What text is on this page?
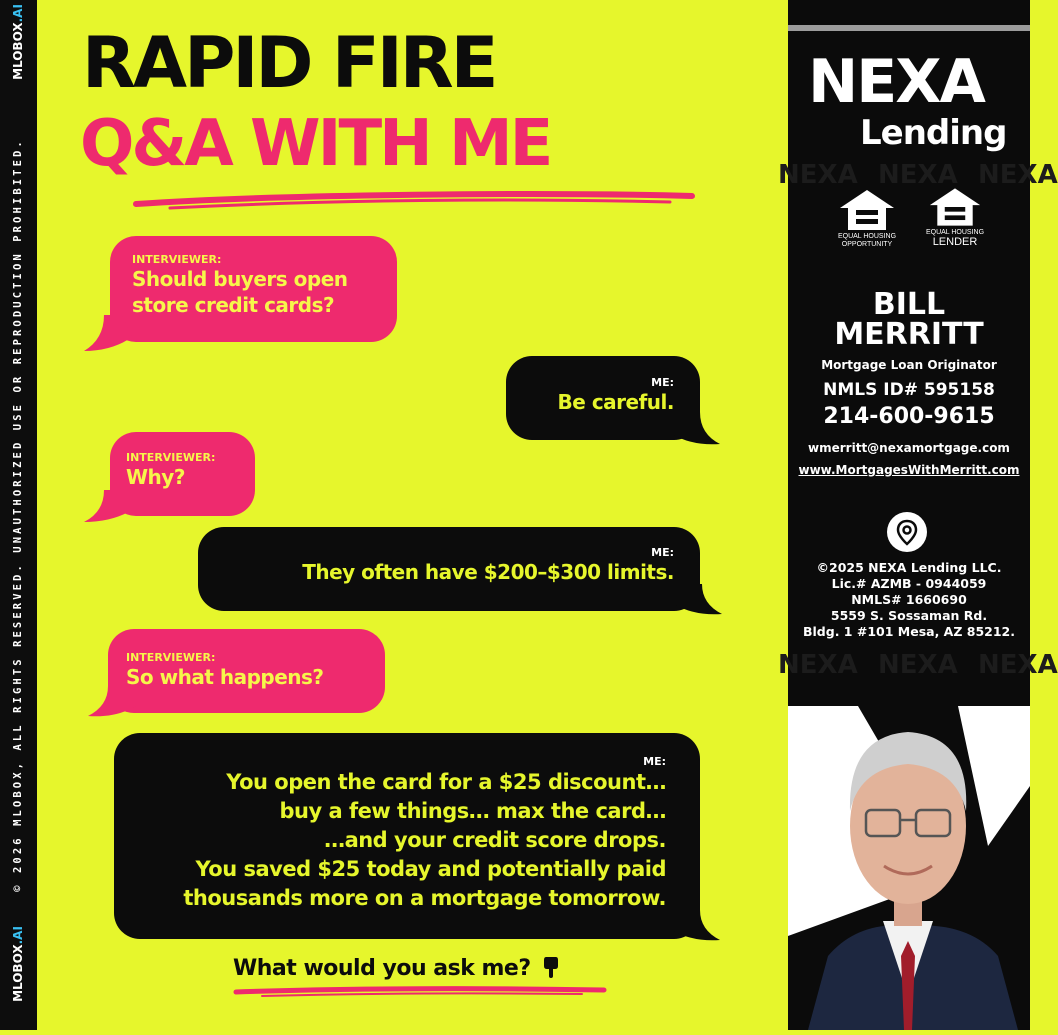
MLOBOX.AI
© 2026 MLOBOX, ALL RIGHTS RESERVED. UNAUTHORIZED USE OR REPRODUCTION PROHIBITED.
MLOBOX.AI
RAPID FIRE
Q&A WITH ME
INTERVIEWER:
Should buyers open
store credit cards?
ME:
Be careful.
INTERVIEWER:
Why?
ME:
They often have $200–$300 limits.
INTERVIEWER:
So what happens?
ME:
You open the card for a $25 discount…
buy a few things… max the card…
…and your credit score drops.
You saved $25 today and potentially paid
thousands more on a mortgage tomorrow.
What would you ask me?
NEXA NEXA NEXA
NEXA NEXA NEXA
NEXA
Lending
EQUAL HOUSING
OPPORTUNITY
EQUAL HOUSING
LENDER
BILL
MERRITT
Mortgage Loan Originator
NMLS ID# 595158
214-600-9615
wmerritt@nexamortgage.com
www.MortgagesWithMerritt.com
©2025 NEXA Lending LLC.
Lic.# AZMB - 0944059
NMLS# 1660690
5559 S. Sossaman Rd.
Bldg. 1 #101 Mesa, AZ 85212.
